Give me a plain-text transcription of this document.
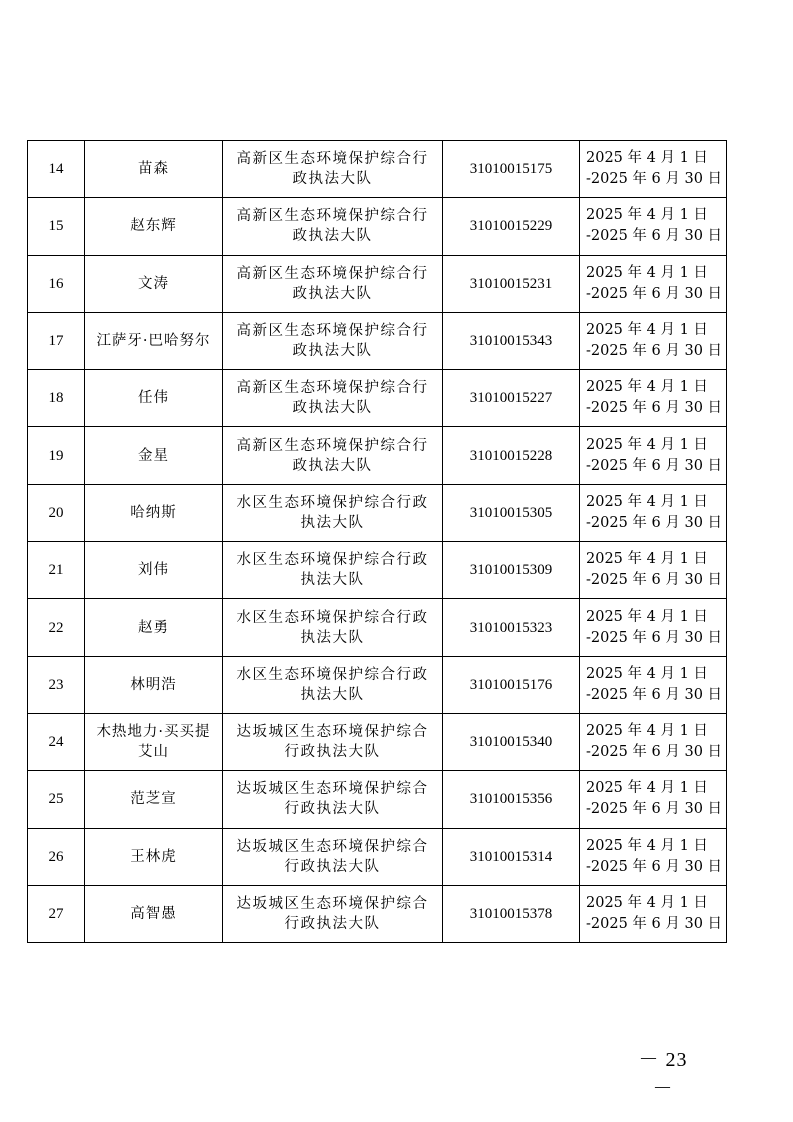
14	苗森	高新区生态环境保护综合行政执法大队	31010015175	2025 年 4 月 1 日
-2025 年 6 月 30 日
15	赵东辉	高新区生态环境保护综合行政执法大队	31010015229	2025 年 4 月 1 日
-2025 年 6 月 30 日
16	文涛	高新区生态环境保护综合行政执法大队	31010015231	2025 年 4 月 1 日
-2025 年 6 月 30 日
17	江萨牙·巴哈努尔	高新区生态环境保护综合行政执法大队	31010015343	2025 年 4 月 1 日
-2025 年 6 月 30 日
18	任伟	高新区生态环境保护综合行政执法大队	31010015227	2025 年 4 月 1 日
-2025 年 6 月 30 日
19	金星	高新区生态环境保护综合行政执法大队	31010015228	2025 年 4 月 1 日
-2025 年 6 月 30 日
20	哈纳斯	水区生态环境保护综合行政执法大队	31010015305	2025 年 4 月 1 日
-2025 年 6 月 30 日
21	刘伟	水区生态环境保护综合行政执法大队	31010015309	2025 年 4 月 1 日
-2025 年 6 月 30 日
22	赵勇	水区生态环境保护综合行政执法大队	31010015323	2025 年 4 月 1 日
-2025 年 6 月 30 日
23	林明浩	水区生态环境保护综合行政执法大队	31010015176	2025 年 4 月 1 日
-2025 年 6 月 30 日
24	木热地力·买买提艾山	达坂城区生态环境保护综合行政执法大队	31010015340	2025 年 4 月 1 日
-2025 年 6 月 30 日
25	范芝宣	达坂城区生态环境保护综合行政执法大队	31010015356	2025 年 4 月 1 日
-2025 年 6 月 30 日
26	王林虎	达坂城区生态环境保护综合行政执法大队	31010015314	2025 年 4 月 1 日
-2025 年 6 月 30 日
27	高智愚	达坂城区生态环境保护综合行政执法大队	31010015378	2025 年 4 月 1 日
-2025 年 6 月 30 日
－ 23 －
